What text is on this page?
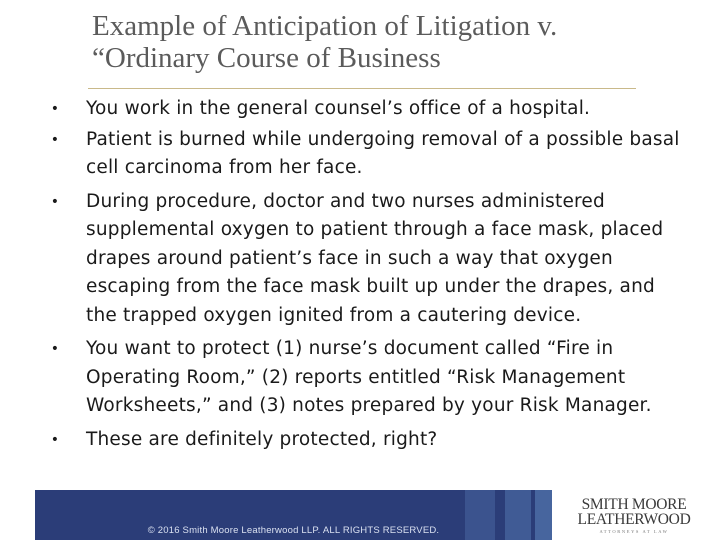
Example of Anticipation of Litigation v.
“Ordinary Course of Business
• You work in the general counsel’s office of a hospital.
• Patient is burned while undergoing removal of a possible basal cell carcinoma from her face.
• During procedure, doctor and two nurses administered supplemental oxygen to patient through a face mask, placed drapes around patient’s face in such a way that oxygen escaping from the face mask built up under the drapes, and the trapped oxygen ignited from a cautering device.
• You want to protect (1) nurse’s document called “Fire in Operating Room,” (2) reports entitled “Risk Management Worksheets,” and (3) notes prepared by your Risk Manager.
• These are definitely protected, right?
© 2016 Smith Moore Leatherwood LLP. ALL RIGHTS RESERVED.
SMITH MOORE
LEATHERWOOD
ATTORNEYS AT LAW
